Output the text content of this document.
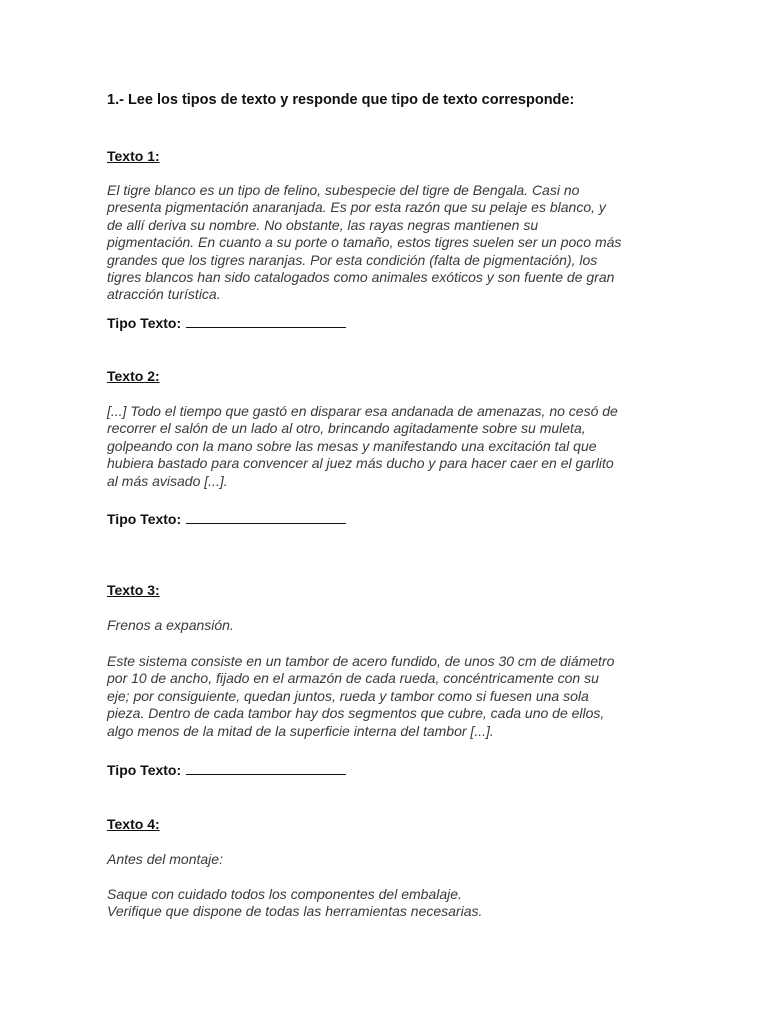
1.- Lee los tipos de texto y responde que tipo de texto corresponde:
Texto 1:
El tigre blanco es un tipo de felino, subespecie del tigre de Bengala. Casi no
presenta pigmentación anaranjada. Es por esta razón que su pelaje es blanco, y
de allí deriva su nombre. No obstante, las rayas negras mantienen su
pigmentación. En cuanto a su porte o tamaño, estos tigres suelen ser un poco más
grandes que los tigres naranjas. Por esta condición (falta de pigmentación), los
tigres blancos han sido catalogados como animales exóticos y son fuente de gran
atracción turística.
Tipo Texto:
Texto 2:
[...] Todo el tiempo que gastó en disparar esa andanada de amenazas, no cesó de
recorrer el salón de un lado al otro, brincando agitadamente sobre su muleta,
golpeando con la mano sobre las mesas y manifestando una excitación tal que
hubiera bastado para convencer al juez más ducho y para hacer caer en el garlito
al más avisado [...].
Tipo Texto:
Texto 3:
Frenos a expansión.
Este sistema consiste en un tambor de acero fundido, de unos 30 cm de diámetro
por 10 de ancho, fijado en el armazón de cada rueda, concéntricamente con su
eje; por consiguiente, quedan juntos, rueda y tambor como si fuesen una sola
pieza. Dentro de cada tambor hay dos segmentos que cubre, cada uno de ellos,
algo menos de la mitad de la superficie interna del tambor [...].
Tipo Texto:
Texto 4:
Antes del montaje:
Saque con cuidado todos los componentes del embalaje.
Verifique que dispone de todas las herramientas necesarias.
